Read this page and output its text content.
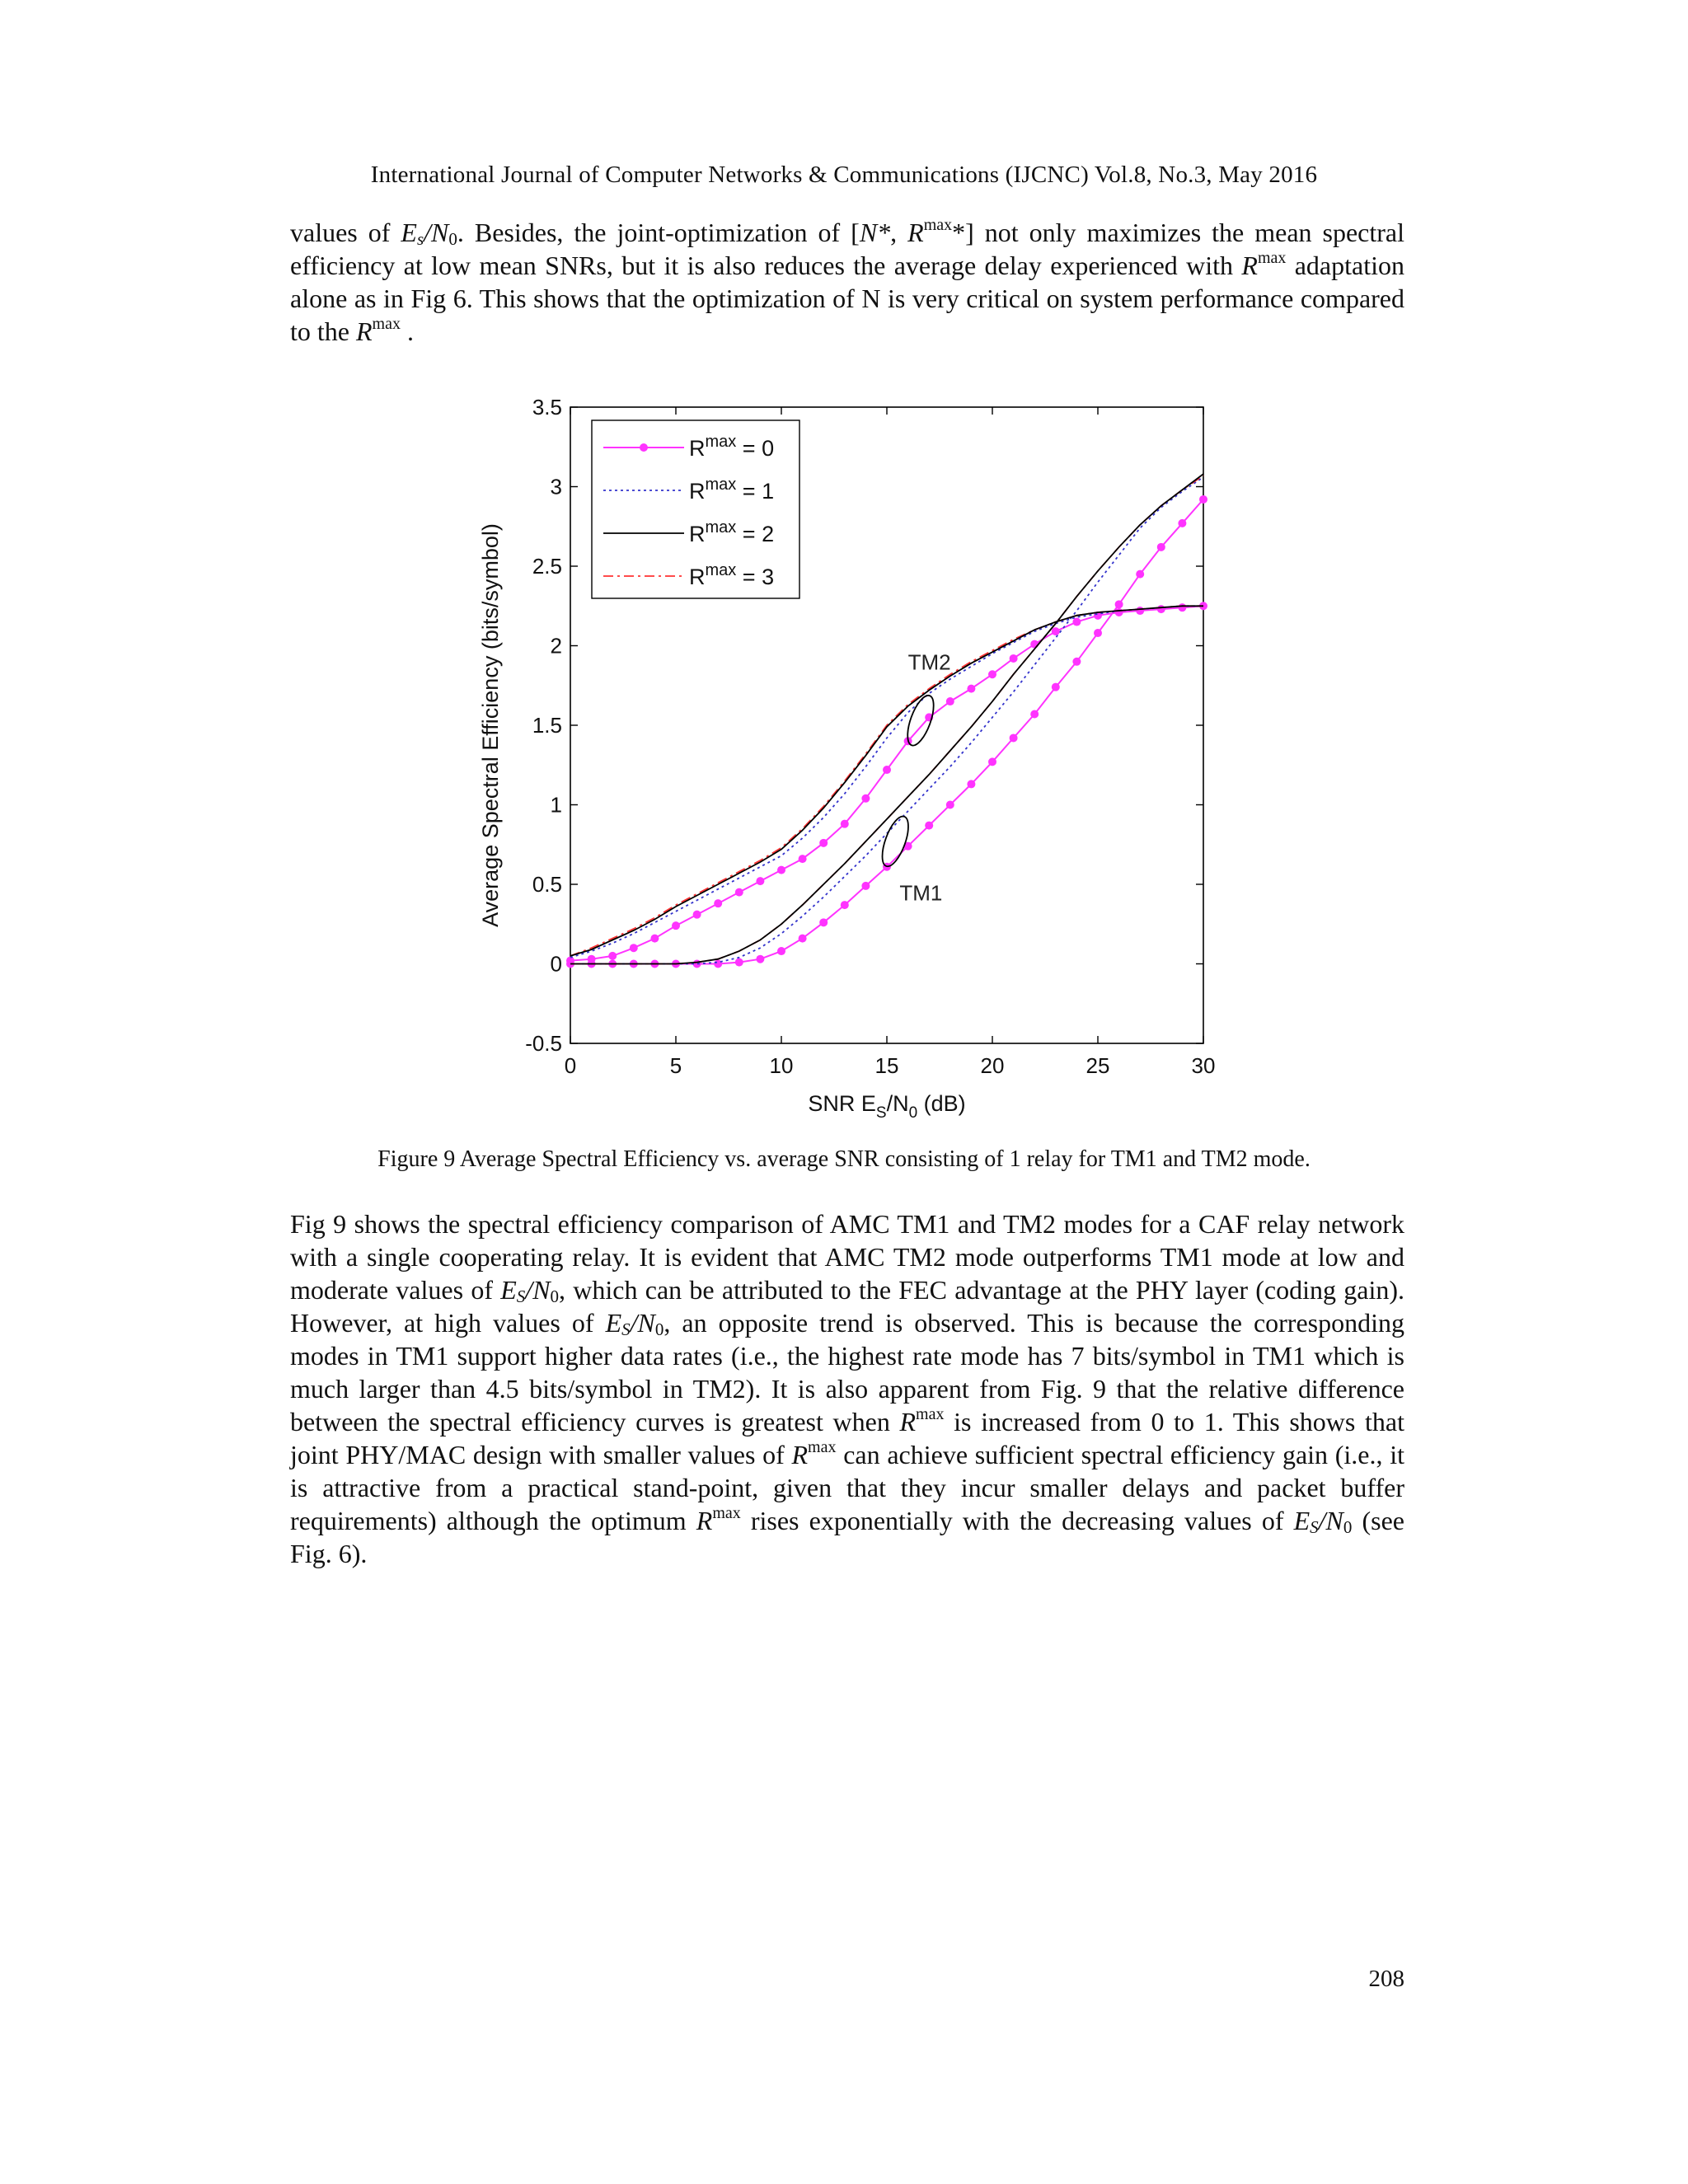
International Journal of Computer Networks & Communications (IJCNC) Vol.8, No.3, May 2016

values of $E_s/N_0$. Besides, the joint-optimization of [N*, $R^{max}*$] not only maximizes the mean spectral efficiency at low mean SNRs, but it is also reduces the average delay experienced with $R^{max}$ adaptation alone as in Fig 6. This shows that the optimization of N is very critical on system performance compared to the $R^{max}$ .

0	5	10	15	20	25	30
-0.5
0
0.5
1
1.5
2
2.5
3
3.5
TM2
TM1
$R^{max} = 0$
$R^{max} = 1$
$R^{max} = 2$
$R^{max} = 3$
Average Spectral Efficiency (bits/symbol)
SNR $E_S/N_0$ (dB)
Figure 9 Average Spectral Efficiency vs. average SNR consisting of 1 relay for TM1 and TM2 mode.

Fig 9 shows the spectral efficiency comparison of AMC TM1 and TM2 modes for a CAF relay network with a single cooperating relay. It is evident that AMC TM2 mode outperforms TM1 mode at low and moderate values of $E_S/N_0$, which can be attributed to the FEC advantage at the PHY layer (coding gain). However, at high values of $E_S/N_0$, an opposite trend is observed. This is because the corresponding modes in TM1 support higher data rates (i.e., the highest rate mode has 7 bits/symbol in TM1 which is much larger than 4.5 bits/symbol in TM2). It is also apparent from Fig. 9 that the relative difference between the spectral efficiency curves is greatest when $R^{max}$ is increased from 0 to 1. This shows that joint PHY/MAC design with smaller values of $R^{max}$ can achieve sufficient spectral efficiency gain (i.e., it is attractive from a practical stand-point, given that they incur smaller delays and packet buffer requirements) although the optimum $R^{max}$ rises exponentially with the decreasing values of $E_S/N_0$ (see Fig. 6).

208
